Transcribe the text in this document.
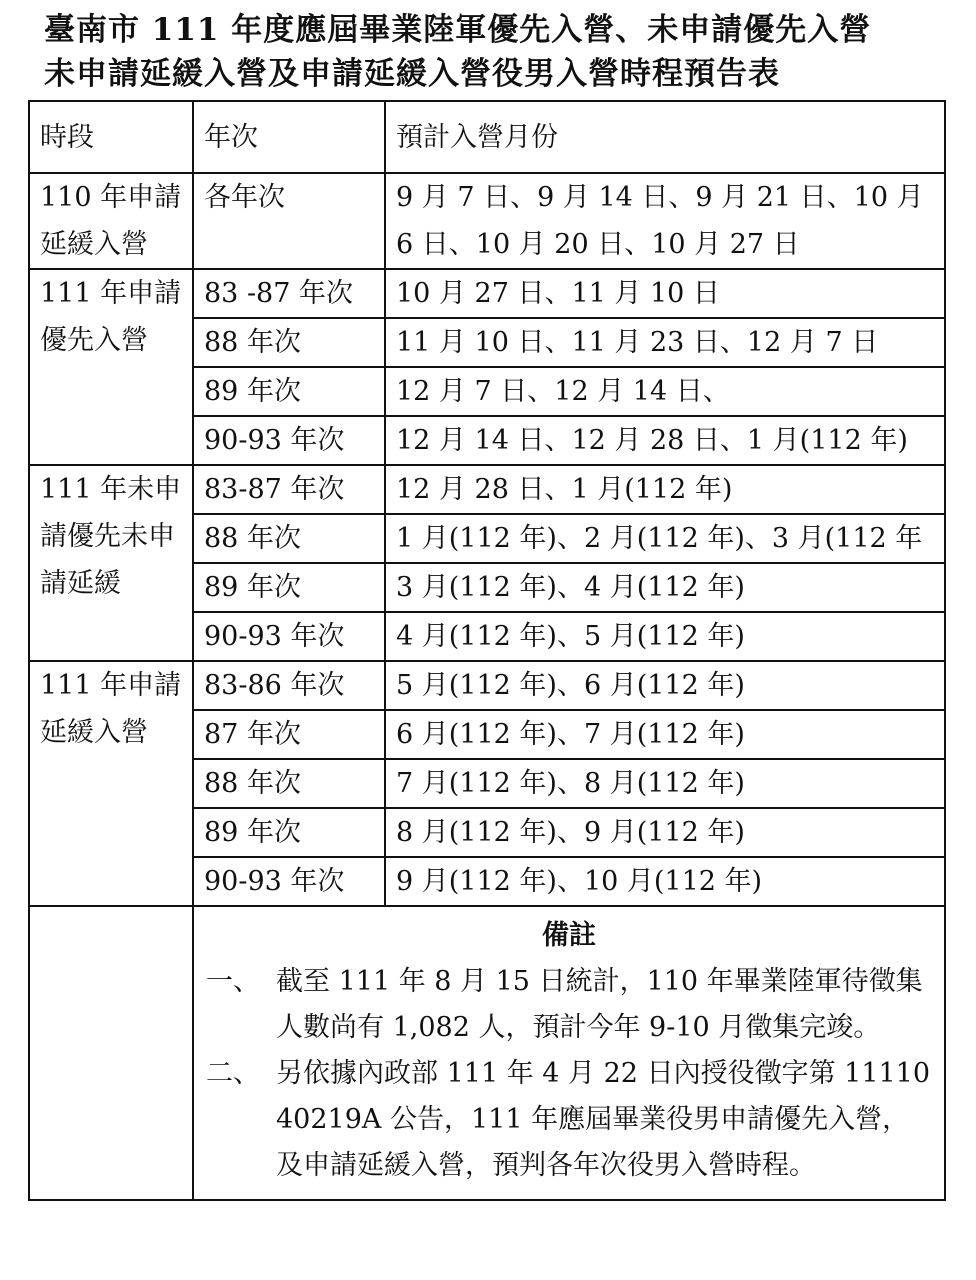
臺南市 111 年度應屆畢業陸軍優先入營、未申請優先入營
未申請延緩入營及申請延緩入營役男入營時程預告表
時段	年次	預計入營月份
110 年申請延緩入營	各年次	9 月 7 日、9 月 14 日、9 月 21 日、10 月 6 日、10 月 20 日、10 月 27 日
111 年申請優先入營	83 -87 年次	10 月 27 日、11 月 10 日
	88 年次	11 月 10 日、11 月 23 日、12 月 7 日
	89 年次	12 月 7 日、12 月 14 日、
	90-93 年次	12 月 14 日、12 月 28 日、1 月(112 年)
111 年未申請優先未申請延緩	83-87 年次	12 月 28 日、1 月(112 年)
	88 年次	1 月(112 年)、2 月(112 年)、3 月(112 年
	89 年次	3 月(112 年)、4 月(112 年)
	90-93 年次	4 月(112 年)、5 月(112 年)
111 年申請延緩入營	83-86 年次	5 月(112 年)、6 月(112 年)
	87 年次	6 月(112 年)、7 月(112 年)
	88 年次	7 月(112 年)、8 月(112 年)
	89 年次	8 月(112 年)、9 月(112 年)
	90-93 年次	9 月(112 年)、10 月(112 年)

	備註
一、 截至 111 年 8 月 15 日統計，110 年畢業陸軍待徵集人數尚有 1,082 人，預計今年 9-10 月徵集完竣。
二、 另依據內政部 111 年 4 月 22 日內授役徵字第 1111040219A 公告，111 年應屆畢業役男申請優先入營，及申請延緩入營，預判各年次役男入營時程。	
